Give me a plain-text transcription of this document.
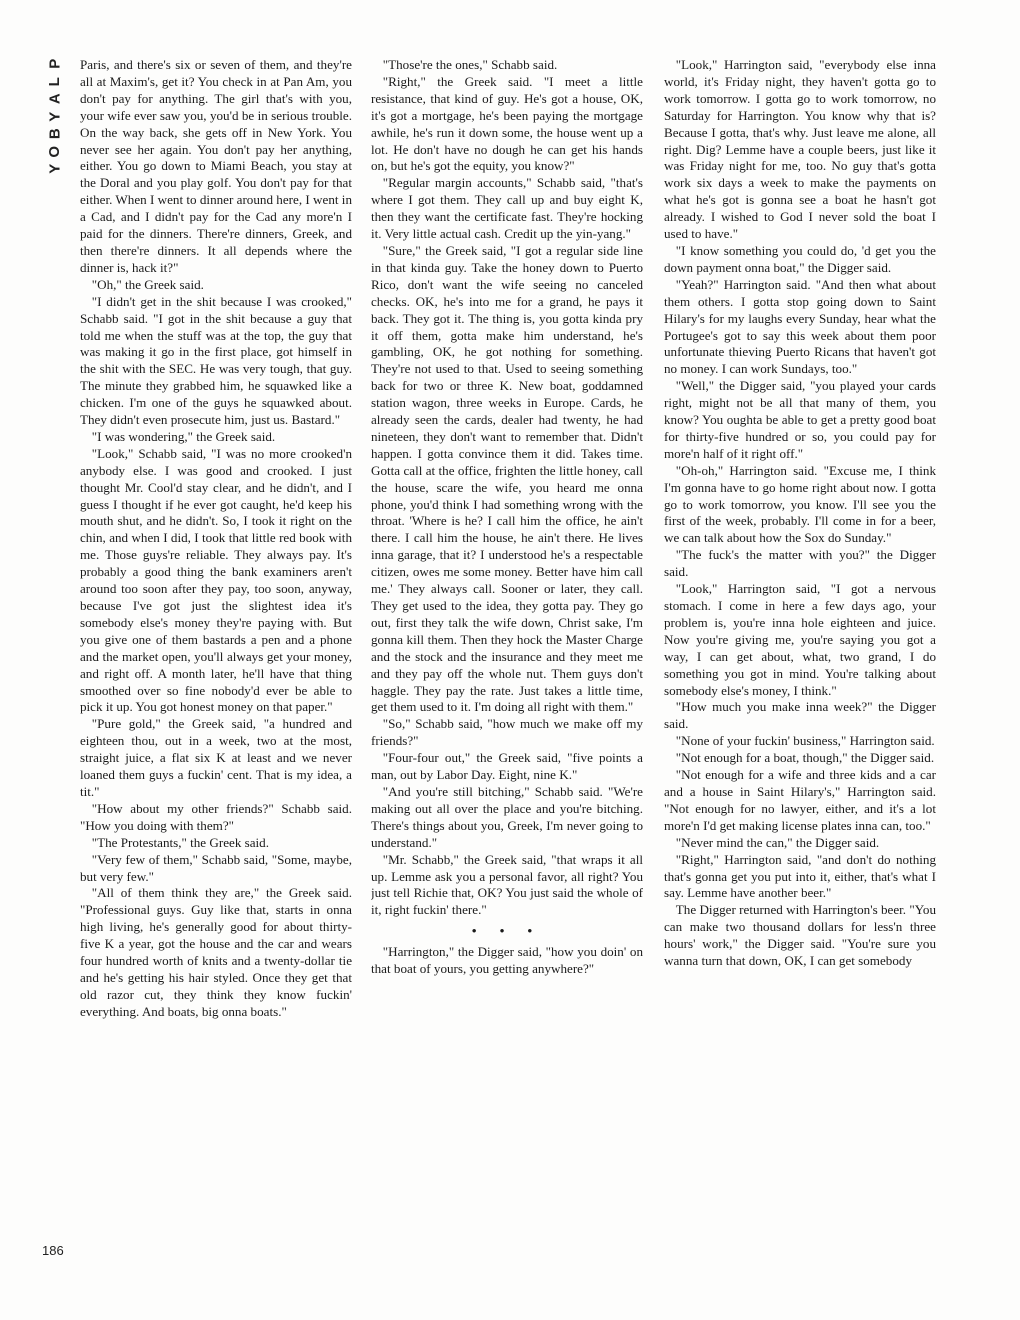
P
L
A
Y
B
O
Y

Paris, and there's six or seven of them, and they're all at Maxim's, get it? You check in at Pan Am, you don't pay for anything. The girl that's with you, your wife ever saw you, you'd be in serious trouble. On the way back, she gets off in New York. You never see her again. You don't pay her anything, either. You go down to Miami Beach, you stay at the Doral and you play golf. You don't pay for that either. When I went to dinner around here, I went in a Cad, and I didn't pay for the Cad any more'n I paid for the dinners. There're dinners, Greek, and then there're dinners. It all depends where the dinner is, hack it?"

"Oh," the Greek said.

"I didn't get in the shit because I was crooked," Schabb said. "I got in the shit because a guy that told me when the stuff was at the top, the guy that was making it go in the first place, got himself in the shit with the SEC. He was very tough, that guy. The minute they grabbed him, he squawked like a chicken. I'm one of the guys he squawked about. They didn't even prosecute him, just us. Bastard."

"I was wondering," the Greek said.

"Look," Schabb said, "I was no more crooked'n anybody else. I was good and crooked. I just thought Mr. Cool'd stay clear, and he didn't, and I guess I thought if he ever got caught, he'd keep his mouth shut, and he didn't. So, I took it right on the chin, and when I did, I took that little red book with me. Those guys're reliable. They always pay. It's probably a good thing the bank examiners aren't around too soon after they pay, too soon, anyway, because I've got just the slightest idea it's somebody else's money they're paying with. But you give one of them bastards a pen and a phone and the market open, you'll always get your money, and right off. A month later, he'll have that thing smoothed over so fine nobody'd ever be able to pick it up. You got honest money on that paper."

"Pure gold," the Greek said, "a hundred and eighteen thou, out in a week, two at the most, straight juice, a flat six K at least and we never loaned them guys a fuckin' cent. That is my idea, a tit."

"How about my other friends?" Schabb said. "How you doing with them?"

"The Protestants," the Greek said.

"Very few of them," Schabb said, "Some, maybe, but very few."

"All of them think they are," the Greek said. "Professional guys. Guy like that, starts in onna high living, he's generally good for about thirty-five K a year, got the house and the car and wears four hundred worth of knits and a twenty-dollar tie and he's getting his hair styled. Once they get that old razor cut, they think they know fuckin' everything. And boats, big onna boats."

"Those're the ones," Schabb said.

"Right," the Greek said. "I meet a little resistance, that kind of guy. He's got a house, OK, it's got a mortgage, he's been paying the mortgage awhile, he's run it down some, the house went up a lot. He don't have no dough he can get his hands on, but he's got the equity, you know?"

"Regular margin accounts," Schabb said, "that's where I got them. They call up and buy eight K, then they want the certificate fast. They're hocking it. Very little actual cash. Credit up the yin-yang."

"Sure," the Greek said, "I got a regular side line in that kinda guy. Take the honey down to Puerto Rico, don't want the wife seeing no canceled checks. OK, he's into me for a grand, he pays it back. They got it. The thing is, you gotta kinda pry it off them, gotta make him understand, he's gambling, OK, he got nothing for something. They're not used to that. Used to seeing something back for two or three K. New boat, goddamned station wagon, three weeks in Europe. Cards, he already seen the cards, dealer had twenty, he had nineteen, they don't want to remember that. Didn't happen. I gotta convince them it did. Takes time. Gotta call at the office, frighten the little honey, call the house, scare the wife, you heard me onna phone, you'd think I had something wrong with the throat. 'Where is he? I call him the office, he ain't there. I call him the house, he ain't there. He lives inna garage, that it? I understood he's a respectable citizen, owes me some money. Better have him call me.' They always call. Sooner or later, they call. They get used to the idea, they gotta pay. They go out, first they talk the wife down, Christ sake, I'm gonna kill them. Then they hock the Master Charge and the stock and the insurance and they meet me and they pay off the whole nut. Them guys don't haggle. They pay the rate. Just takes a little time, get them used to it. I'm doing all right with them."

"So," Schabb said, "how much we make off my friends?"

"Four-four out," the Greek said, "five points a man, out by Labor Day. Eight, nine K."

"And you're still bitching," Schabb said. "We're making out all over the place and you're bitching. There's things about you, Greek, I'm never going to understand."

"Mr. Schabb," the Greek said, "that wraps it all up. Lemme ask you a personal favor, all right? You just tell Richie that, OK? You just said the whole of it, right fuckin' there."

• • •

"Harrington," the Digger said, "how you doin' on that boat of yours, you getting anywhere?"

"Look," Harrington said, "everybody else inna world, it's Friday night, they haven't gotta go to work tomorrow. I gotta go to work tomorrow, no Saturday for Harrington. You know why that is? Because I gotta, that's why. Just leave me alone, all right. Dig? Lemme have a couple beers, just like it was Friday night for me, too. No guy that's gotta work six days a week to make the payments on what he's got is gonna see a boat he hasn't got already. I wished to God I never sold the boat I used to have."

"I know something you could do, 'd get you the down payment onna boat," the Digger said.

"Yeah?" Harrington said. "And then what about them others. I gotta stop going down to Saint Hilary's for my laughs every Sunday, hear what the Portugee's got to say this week about them poor unfortunate thieving Puerto Ricans that haven't got no money. I can work Sundays, too."

"Well," the Digger said, "you played your cards right, might not be all that many of them, you know? You oughta be able to get a pretty good boat for thirty-five hundred or so, you could pay for more'n half of it right off."

"Oh-oh," Harrington said. "Excuse me, I think I'm gonna have to go home right about now. I gotta go to work tomorrow, you know. I'll see you the first of the week, probably. I'll come in for a beer, we can talk about how the Sox do Sunday."

"The fuck's the matter with you?" the Digger said.

"Look," Harrington said, "I got a nervous stomach. I come in here a few days ago, your problem is, you're inna hole eighteen and juice. Now you're giving me, you're saying you got a way, I can get about, what, two grand, I do something you got in mind. You're talking about somebody else's money, I think."

"How much you make inna week?" the Digger said.

"None of your fuckin' business," Harrington said.

"Not enough for a boat, though," the Digger said.

"Not enough for a wife and three kids and a car and a house in Saint Hilary's," Harrington said. "Not enough for no lawyer, either, and it's a lot more'n I'd get making license plates inna can, too."

"Never mind the can," the Digger said.

"Right," Harrington said, "and don't do nothing that's gonna get you put into it, either, that's what I say. Lemme have another beer."

The Digger returned with Harrington's beer. "You can make two thousand dollars for less'n three hours' work," the Digger said. "You're sure you wanna turn that down, OK, I can get somebody

186
